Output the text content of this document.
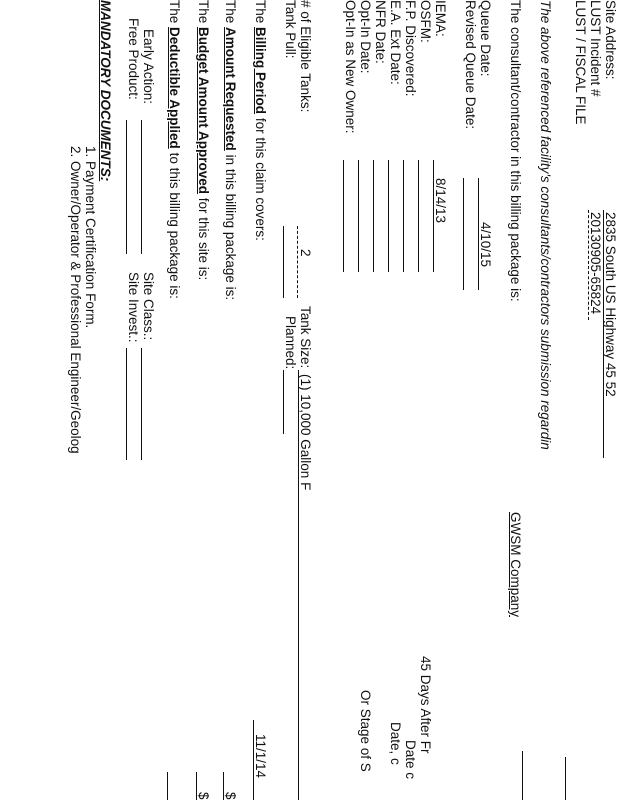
Site Address:
LUST Incident #
LUST / FISCAL FILE
2835 South US Highway 45 52
20130905-65824
The above referenced facility's consultants/contractors submission regardin
The consultant/contractor in this billing package is:
GWSM Company
Queue Date:
4/10/15
Revised Queue Date:
IEMA:
8/14/13
OSFM:
F.P. Discovered:
E.A. Ext Date:
NFR Date:
Opt-In Date:
Opt-In as New Owner:
45 Days After Fr
Date c
Date, c
Or Stage of S
# of Eligible Tanks:
2
Tank Pull:
Tank Size:
(1) 10,000 Gallon F
Planned:
The Billing Period for this claim covers:
11/1/14
The Amount Requested in this billing package is:
$
The Budget Amount Approved for this site is:
$
The Deductible Applied to this billing package is:
Early Action:
Free Product:
Site Class.:
Site Invest.:
MANDATORY DOCUMENTS:
1. Payment Certification Form.
2. Owner/Operator & Professional Engineer/Geolog
